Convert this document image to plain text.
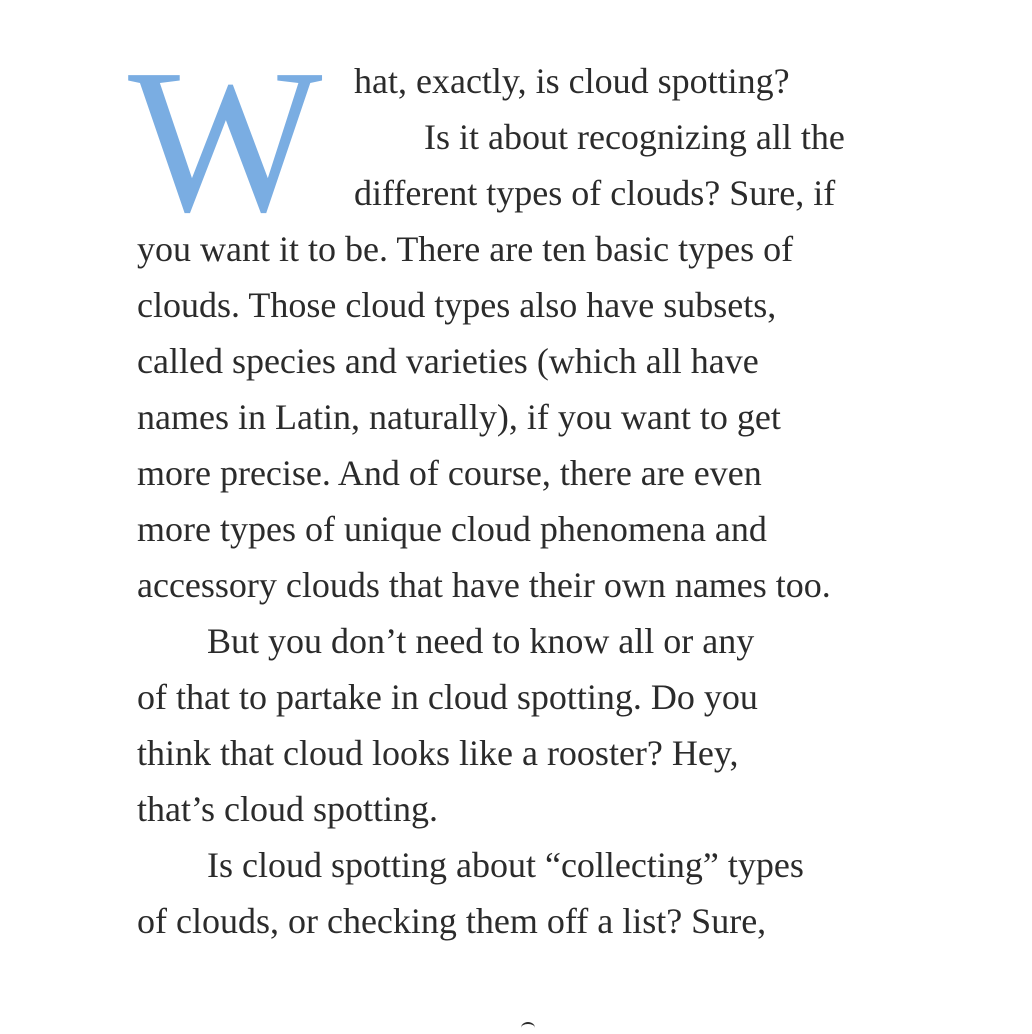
W hat, exactly, is cloud spotting?
Is it about recognizing all the
different types of clouds? Sure, if
you want it to be. There are ten basic types of
clouds. Those cloud types also have subsets,
called species and varieties (which all have
names in Latin, naturally), if you want to get
more precise. And of course, there are even
more types of unique cloud phenomena and
accessory clouds that have their own names too.
But you don’t need to know all or any
of that to partake in cloud spotting. Do you
think that cloud looks like a rooster? Hey,
that’s cloud spotting.
Is cloud spotting about “collecting” types
of clouds, or checking them off a list? Sure,
